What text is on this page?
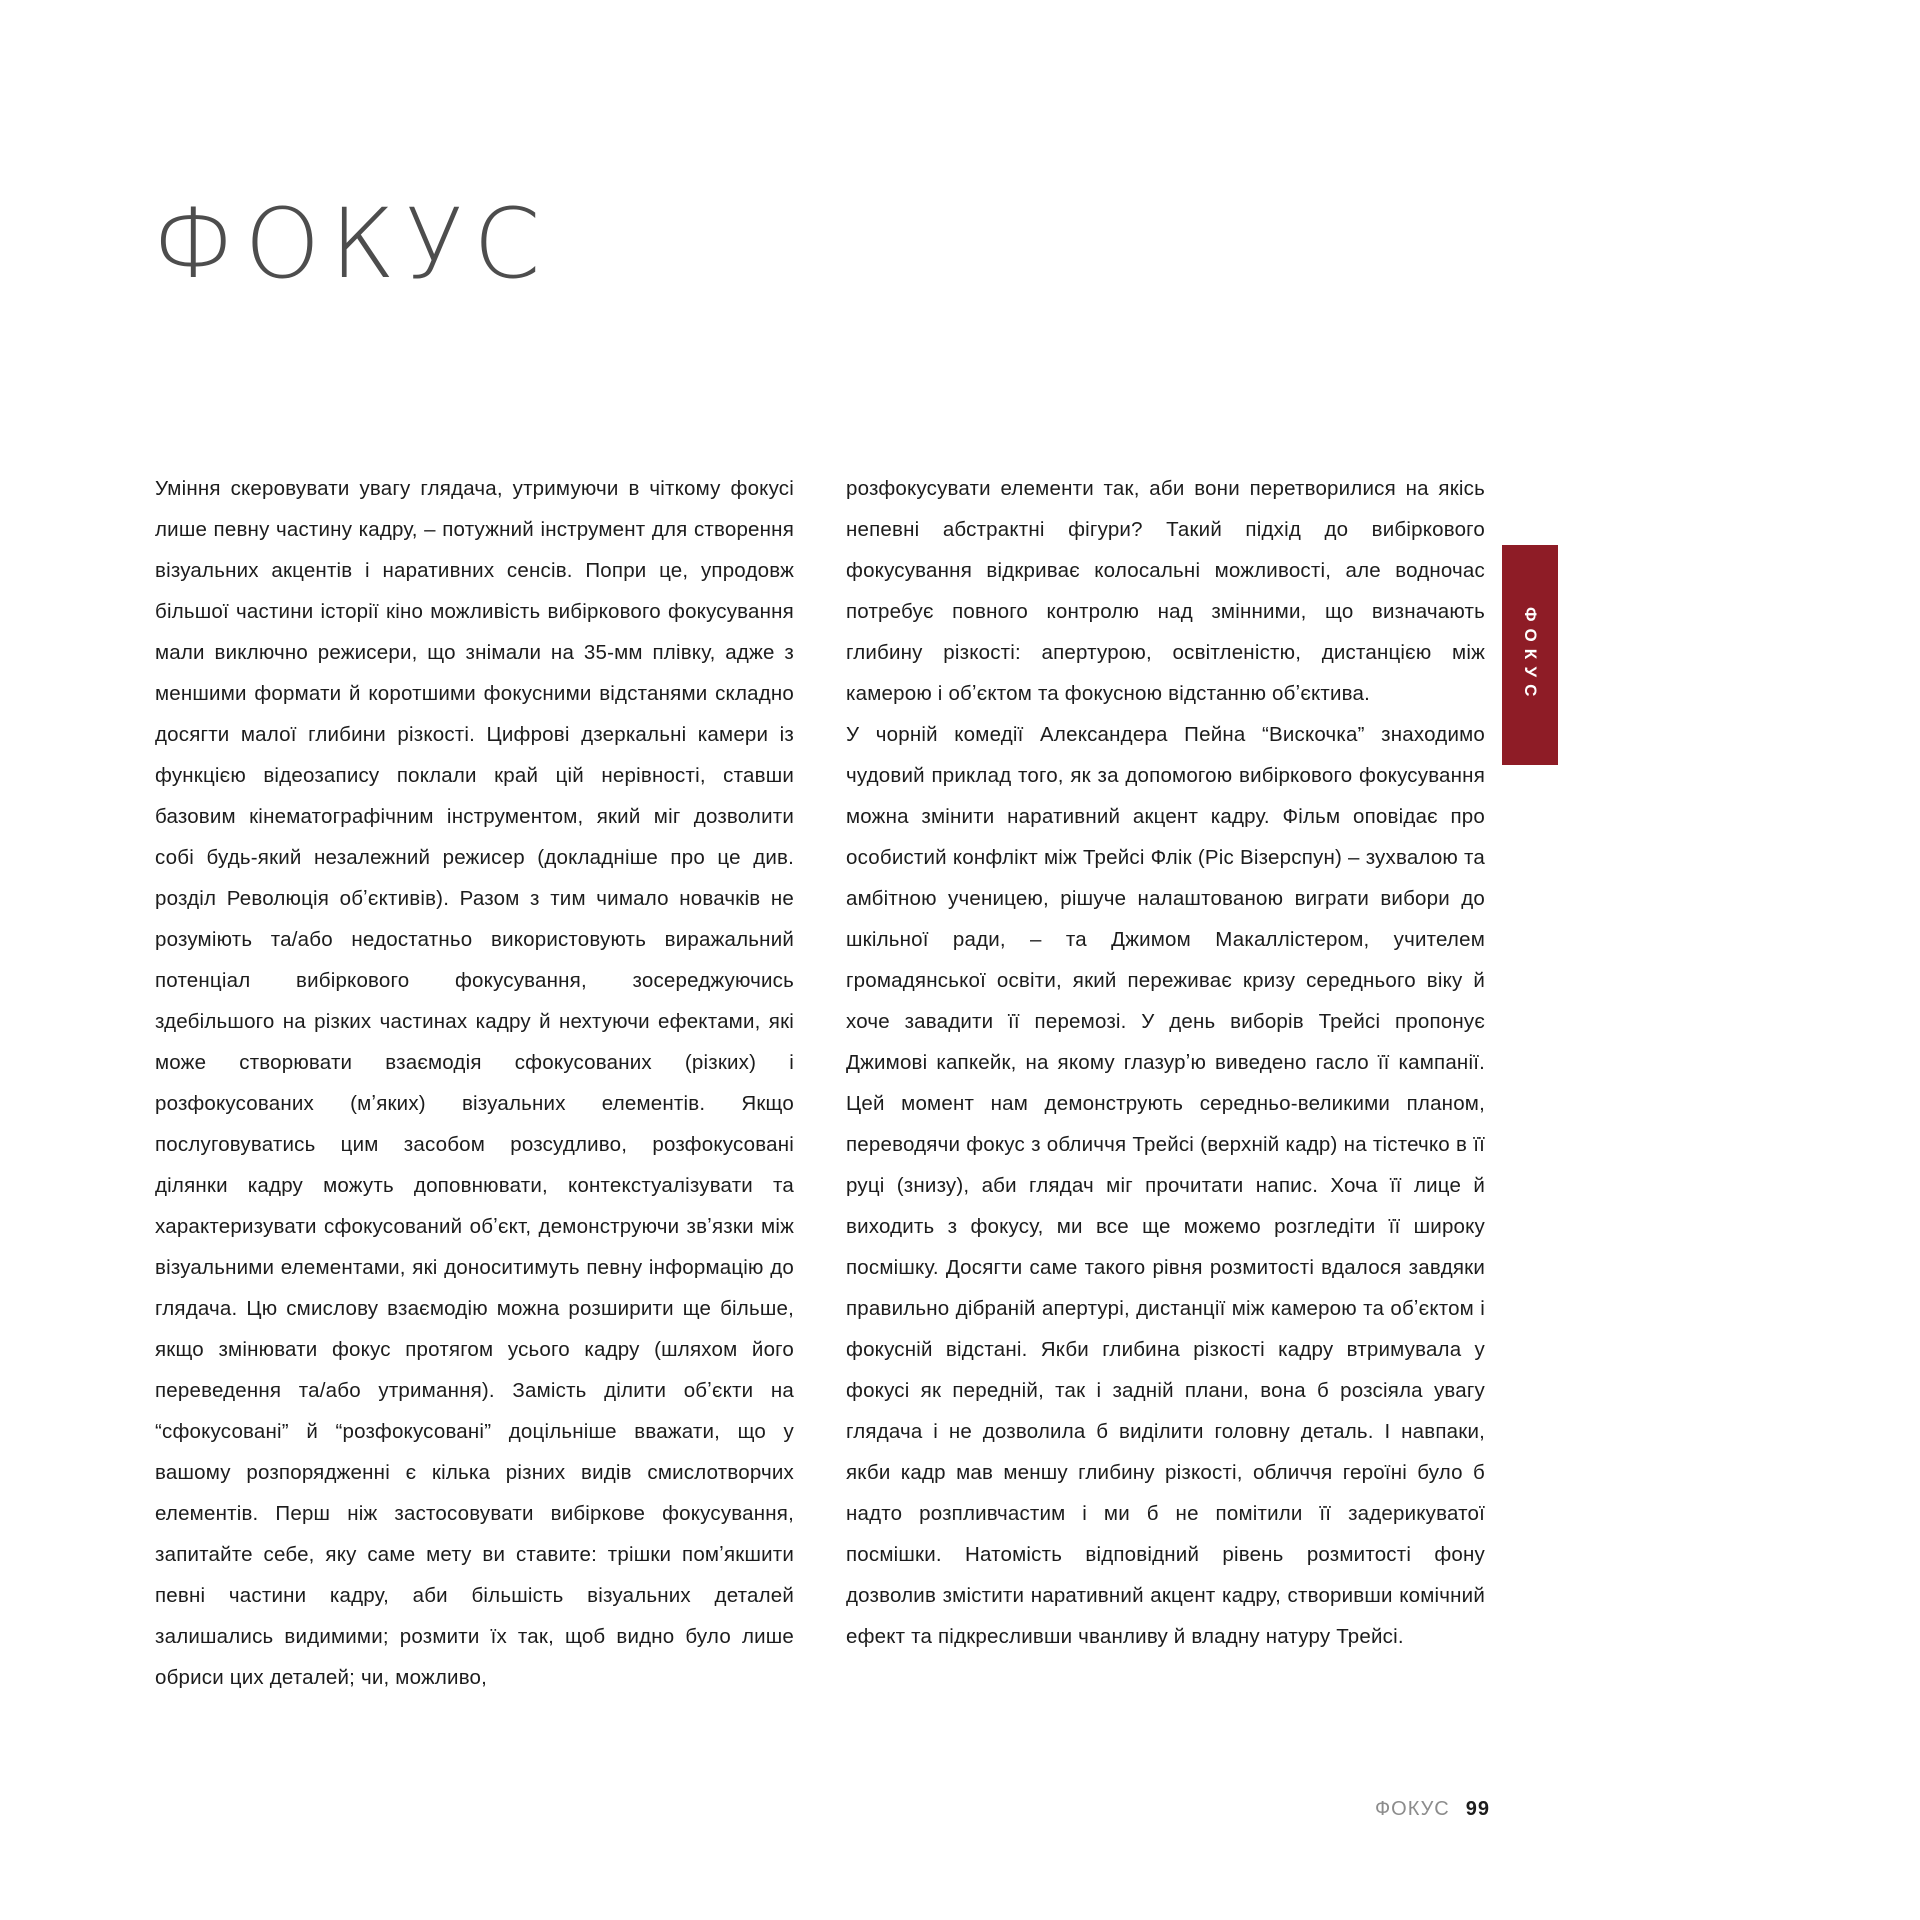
ФОКУС

Уміння скеровувати увагу глядача, утримуючи в чіткому фокусі лише певну частину кадру, – потужний інструмент для створення візуальних акцентів і наративних сенсів. Попри це, упродовж більшої частини історії кіно можливість вибіркового фокусування мали виключно режисери, що знімали на 35-мм плівку, адже з меншими формати й коротшими фокусними відстанями складно досягти малої глибини різкості. Цифрові дзеркальні камери із функцією відеозапису поклали край цій нерівності, ставши базовим кінематографічним інструментом, який міг дозволити собі будь-який незалежний режисер (докладніше про це див. розділ Революція обʼєктивів). Разом з тим чимало новачків не розуміють та/або недостатньо використовують виражальний потенціал вибіркового фокусування, зосереджуючись здебільшого на різких частинах кадру й нехтуючи ефектами, які може створювати взаємодія сфокусованих (різких) і розфокусованих (мʼяких) візуальних елементів. Якщо послуговуватись цим засобом розсудливо, розфокусовані ділянки кадру можуть доповнювати, контекстуалізувати та характеризувати сфокусований обʼєкт, демонструючи звʼязки між візуальними елементами, які доноситимуть певну інформацію до глядача. Цю смислову взаємодію можна розширити ще більше, якщо змінювати фокус протягом усього кадру (шляхом його переведення та/або утримання). Замість ділити обʼєкти на “сфокусовані” й “розфокусовані” доцільніше вважати, що у вашому розпорядженні є кілька різних видів смислотворчих елементів. Перш ніж застосовувати вибіркове фокусування, запитайте себе, яку саме мету ви ставите: трішки помʼякшити певні частини кадру, аби більшість візуальних деталей залишались видимими; розмити їх так, щоб видно було лише обриси цих деталей; чи, можливо,

розфокусувати елементи так, аби вони перетворилися на якісь непевні абстрактні фігури? Такий підхід до вибіркового фокусування відкриває колосальні можливості, але водночас потребує повного контролю над змінними, що визначають глибину різкості: апертурою, освітленістю, дистанцією між камерою і обʼєктом та фокусною відстанню обʼєктива.

У чорній комедії Александера Пейна “Вискочка” знаходимо чудовий приклад того, як за допомогою вибіркового фокусування можна змінити наративний акцент кадру. Фільм оповідає про особистий конфлікт між Трейсі Флік (Ріс Візерспун) – зухвалою та амбітною ученицею, рішуче налаштованою виграти вибори до шкільної ради, – та Джимом Макаллістером, учителем громадянської освіти, який переживає кризу середнього віку й хоче завадити її перемозі. У день виборів Трейсі пропонує Джимові капкейк, на якому глазурʼю виведено гасло її кампанії. Цей момент нам демонструють середньо-великими планом, переводячи фокус з обличчя Трейсі (верхній кадр) на тістечко в її руці (знизу), аби глядач міг прочитати напис. Хоча її лице й виходить з фокусу, ми все ще можемо розгледіти її широку посмішку. Досягти саме такого рівня розмитості вдалося завдяки правильно дібраній апертурі, дистанції між камерою та обʼєктом і фокусній відстані. Якби глибина різкості кадру втримувала у фокусі як передній, так і задній плани, вона б розсіяла увагу глядача і не дозволила б виділити головну деталь. І навпаки, якби кадр мав меншу глибину різкості, обличчя героїні було б надто розпливчастим і ми б не помітили її задерикуватої посмішки. Натомість відповідний рівень розмитості фону дозволив змістити наративний акцент кадру, створивши комічний ефект та підкресливши чванливу й владну натуру Трейсі.

ФОКУС
ФОКУС 99
